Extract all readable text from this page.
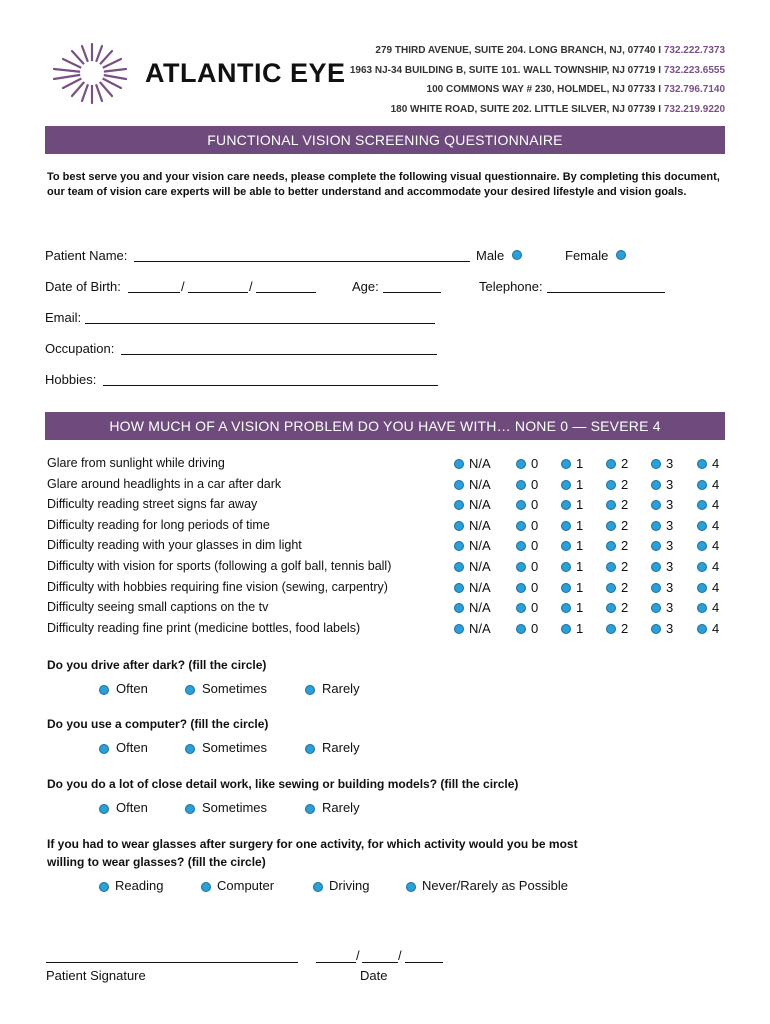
ATLANTIC EYE
279 THIRD AVENUE, SUITE 204. LONG BRANCH, NJ, 07740 I 732.222.7373
1963 NJ-34 BUILDING B, SUITE 101. WALL TOWNSHIP, NJ 07719 I 732.223.6555
100 COMMONS WAY # 230, HOLMDEL, NJ 07733 I 732.796.7140
180 WHITE ROAD, SUITE 202. LITTLE SILVER, NJ 07739 I 732.219.9220
FUNCTIONAL VISION SCREENING QUESTIONNAIRE
To best serve you and your vision care needs, please complete the following visual questionnaire. By completing this document, our team of vision care experts will be able to better understand and accommodate your desired lifestyle and vision goals.
Patient Name:	Male	Female
Date of Birth:	/	/	Age:	Telephone:
Email:
Occupation:
Hobbies:
HOW MUCH OF A VISION PROBLEM DO YOU HAVE WITH… NONE 0 — SEVERE 4
Glare from sunlight while driving	N/A	0	1	2	3	4
Glare around headlights in a car after dark	N/A	0	1	2	3	4
Difficulty reading street signs far away	N/A	0	1	2	3	4
Difficulty reading for long periods of time	N/A	0	1	2	3	4
Difficulty reading with your glasses in dim light	N/A	0	1	2	3	4
Difficulty with vision for sports (following a golf ball, tennis ball)	N/A	0	1	2	3	4
Difficulty with hobbies requiring fine vision (sewing, carpentry)	N/A	0	1	2	3	4
Difficulty seeing small captions on the tv	N/A	0	1	2	3	4
Difficulty reading fine print (medicine bottles, food labels)	N/A	0	1	2	3	4
Do you drive after dark? (fill the circle)
Often	Sometimes	Rarely
Do you use a computer? (fill the circle)
Often	Sometimes	Rarely
Do you do a lot of close detail work, like sewing or building models? (fill the circle)
Often	Sometimes	Rarely
If you had to wear glasses after surgery for one activity, for which activity would you be most
willing to wear glasses? (fill the circle)
Reading	Computer	Driving	Never/Rarely as Possible
Patient Signature
/	/
Date
